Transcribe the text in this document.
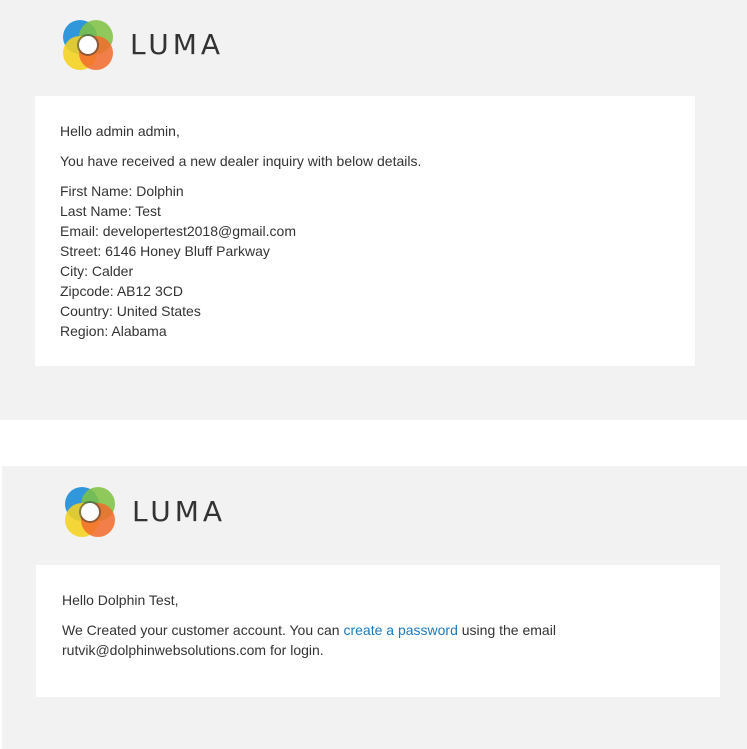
LUMA

Hello admin admin,

You have received a new dealer inquiry with below details.

First Name: Dolphin
Last Name: Test
Email: developertest2018@gmail.com
Street: 6146 Honey Bluff Parkway
City: Calder
Zipcode: AB12 3CD
Country: United States
Region: Alabama
LUMA

Hello Dolphin Test,

We Created your customer account. You can create a password using the email
rutvik@dolphinwebsolutions.com for login.
